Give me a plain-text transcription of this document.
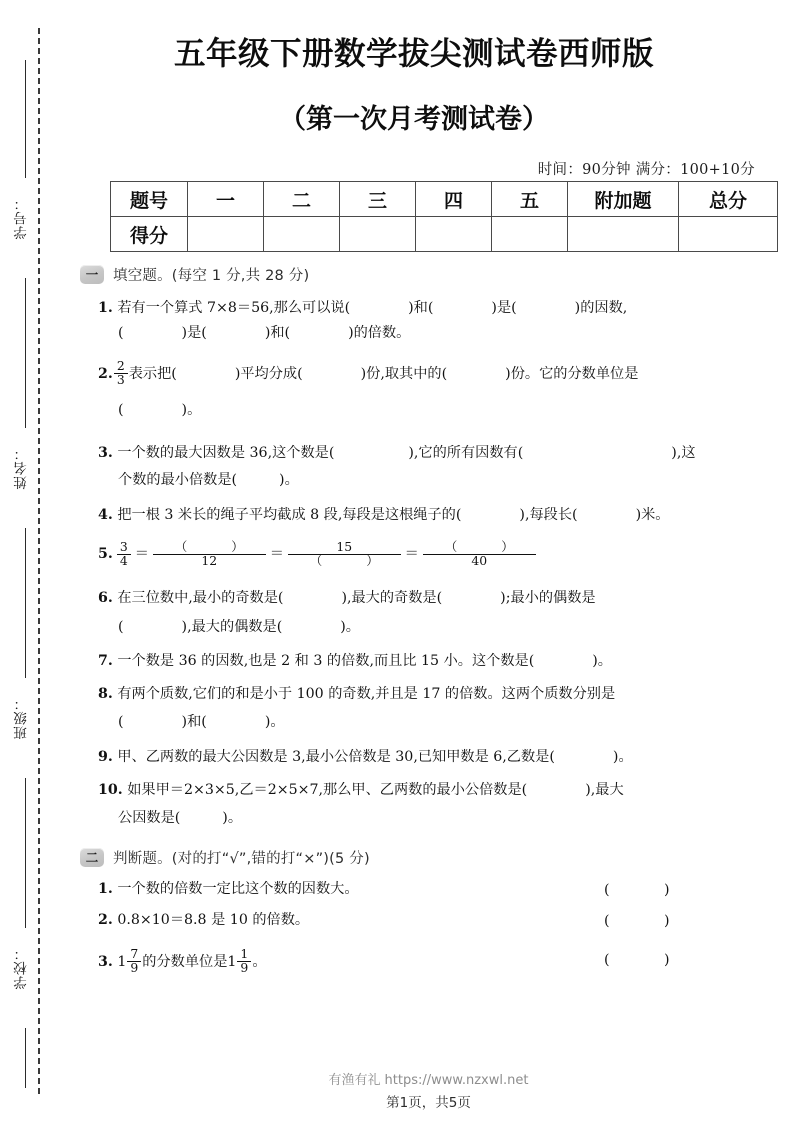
学号：
姓名：
班级：
学校：
五年级下册数学拔尖测试卷西师版
（第一次月考测试卷）
时间：90分钟 满分：100+10分
题号	一	二	三	四	五	附加题	总分
得分							
一	填空题。(每空 1 分,共 28 分)
1. 若有一个算式 7×8＝56,那么可以说(	)和(	)是(	)的因数,
(	)是(	)和(	)的倍数。
2. $\frac{2}{3}$ 表示把(	)平均分成(	)份,取其中的(	)份。它的分数单位是
(	)。
3. 一个数的最大因数是 36,这个数是(	),它的所有因数有(	),这
个数的最小倍数是(	)。
4. 把一根 3 米长的绳子平均截成 8 段,每段是这根绳子的(	),每段长(	)米。
5. $\frac{3}{4}$ ＝ （	）
12 ＝ 15
（	） ＝ （	）
40
6. 在三位数中,最小的奇数是(	),最大的奇数是(	);最小的偶数是
(	),最大的偶数是(	)。
7. 一个数是 36 的因数,也是 2 和 3 的倍数,而且比 15 小。这个数是(	)。
8. 有两个质数,它们的和是小于 100 的奇数,并且是 17 的倍数。这两个质数分别是
(	)和(	)。
9. 甲、乙两数的最大公因数是 3,最小公倍数是 30,已知甲数是 6,乙数是(	)。
10. 如果甲＝2×3×5,乙＝2×5×7,那么甲、乙两数的最小公倍数是(	),最大
公因数是(	)。
二	判断题。(对的打“√”,错的打“×”)(5 分)
1. 一个数的倍数一定比这个数的因数大。	(	)
2. 0.8×10＝8.8 是 10 的倍数。	(	)
3. $1 \frac{7}{9}$ 的分数单位是$1 \frac{1}{9}$ 。	(	)
有渔有礼 https://www.nzxwl.net
第1页，共5页
